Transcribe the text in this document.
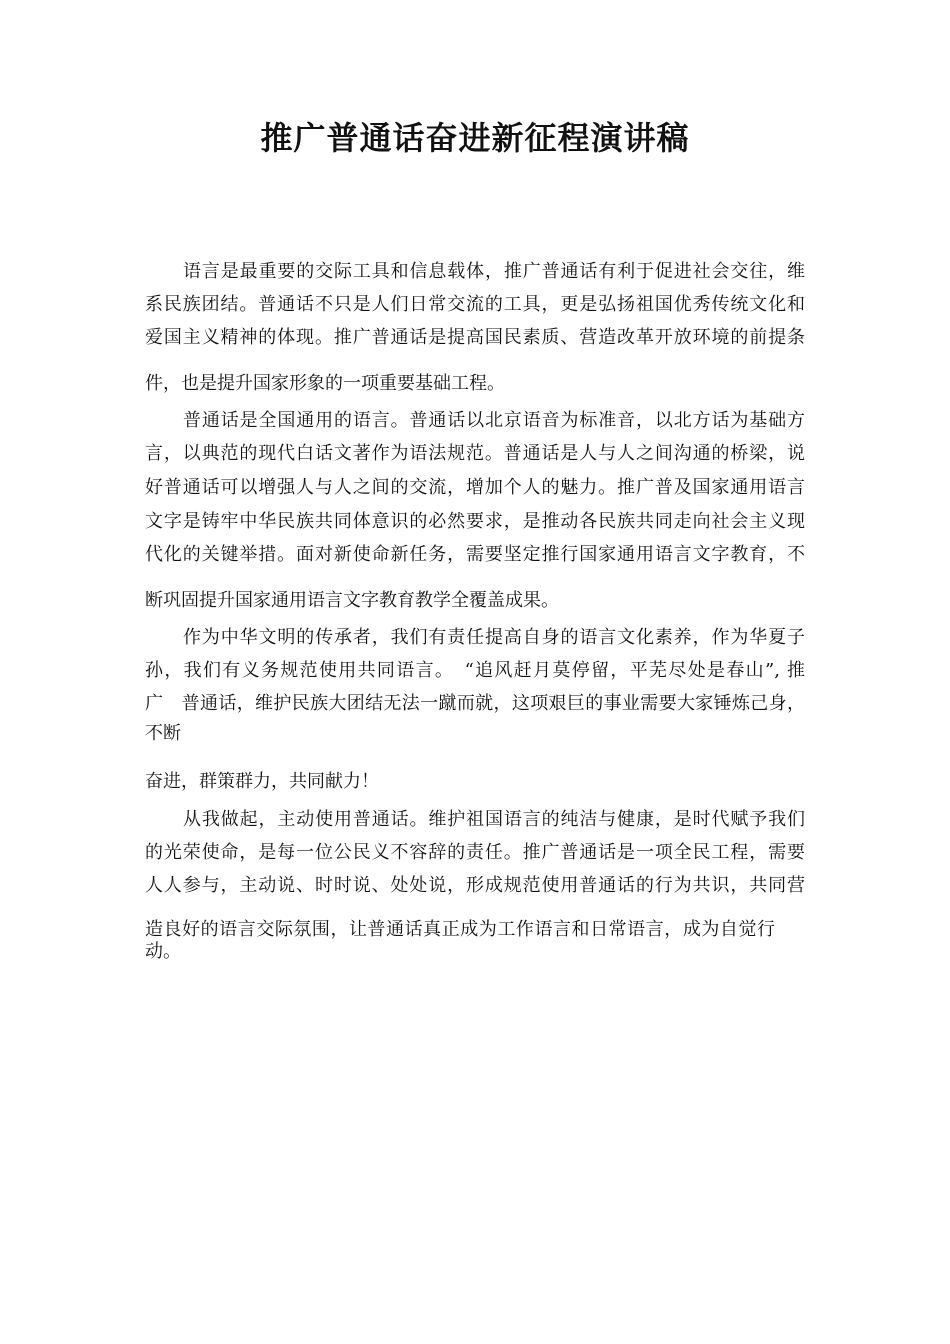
推广普通话奋进新征程演讲稿
语言是最重要的交际工具和信息载体，推广普通话有利于促进社会交往，维
系民族团结。普通话不只是人们日常交流的工具，更是弘扬祖国优秀传统文化和
爱国主义精神的体现。推广普通话是提高国民素质、营造改革开放环境的前提条
件，也是提升国家形象的一项重要基础工程。
普通话是全国通用的语言。普通话以北京语音为标准音，以北方话为基础方
言，以典范的现代白话文著作为语法规范。普通话是人与人之间沟通的桥梁，说
好普通话可以增强人与人之间的交流，增加个人的魅力。推广普及国家通用语言
文字是铸牢中华民族共同体意识的必然要求，是推动各民族共同走向社会主义现
代化的关键举措。面对新使命新任务，需要坚定推行国家通用语言文字教育，不
断巩固提升国家通用语言文字教育教学全覆盖成果。
作为中华文明的传承者，我们有责任提高自身的语言文化素养，作为华夏子
孙，我们有义务规范使用共同语言。　“追风赶月莫停留，平芜尽处是春山”, 推
广　普通话，维护民族大团结无法一蹴而就，这项艰巨的事业需要大家锤炼己身，
不断
奋进，群策群力，共同献力！
从我做起，主动使用普通话。维护祖国语言的纯洁与健康，是时代赋予我们
的光荣使命，是每一位公民义不容辞的责任。推广普通话是一项全民工程，需要
人人参与，主动说、时时说、处处说，形成规范使用普通话的行为共识，共同营
造良好的语言交际氛围，让普通话真正成为工作语言和日常语言，成为自觉行
动。
